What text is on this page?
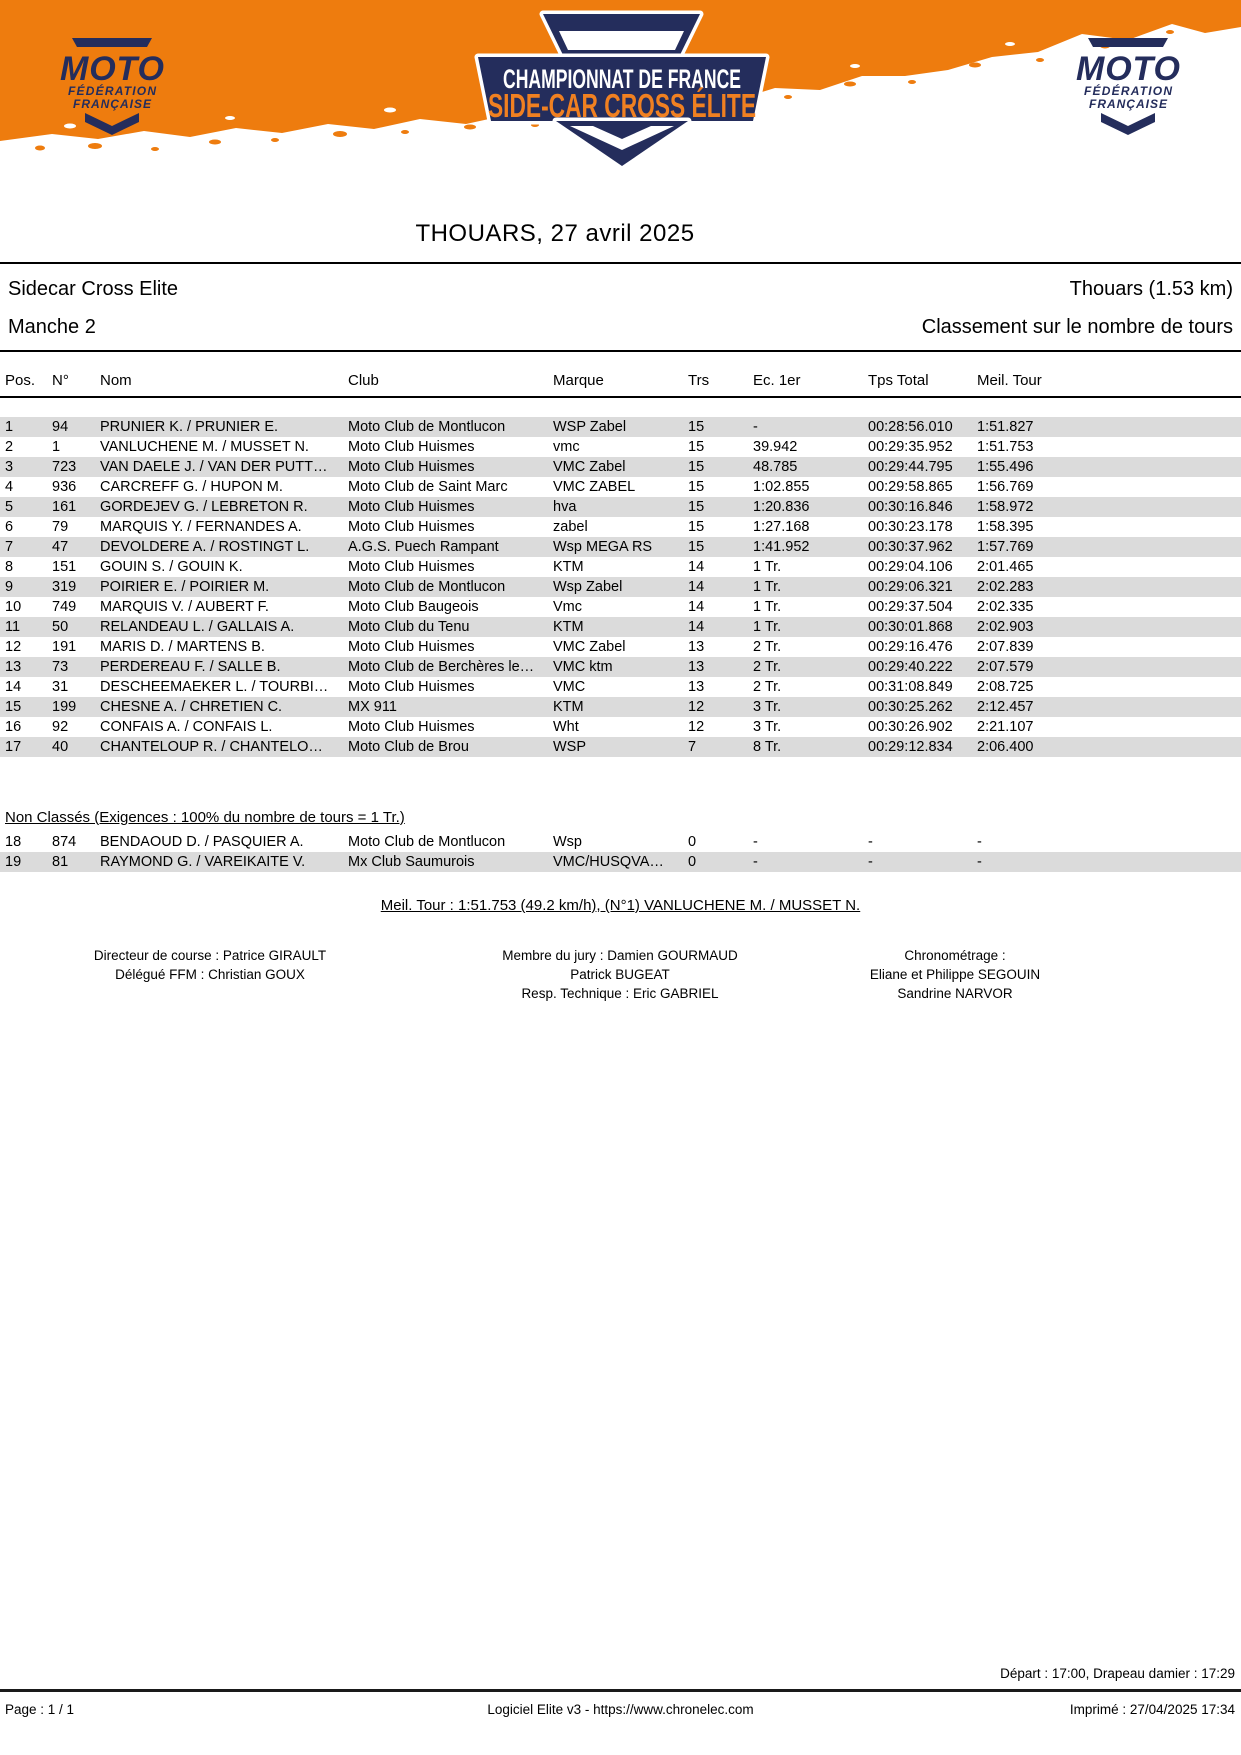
MOTO
FÉDÉRATION
FRANÇAISE
MOTO
FÉDÉRATION
FRANÇAISE
CHAMPIONNAT DE FRANCE
SIDE-CAR CROSS ÉLITE
THOUARS, 27 avril 2025
Sidecar Cross Elite	Thouars (1.53 km)
Manche 2	Classement sur le nombre de tours
Pos.	N°	Nom	Club	Marque	Trs	Ec. 1er	Tps Total	Meil. Tour
1	94	PRUNIER K. / PRUNIER E.	Moto Club de Montlucon	WSP Zabel	15	-	00:28:56.010	1:51.827
2	1	VANLUCHENE M. / MUSSET N.	Moto Club Huismes	vmc	15	39.942	00:29:35.952	1:51.753
3	723	VAN DAELE J. / VAN DER PUTT…	Moto Club Huismes	VMC Zabel	15	48.785	00:29:44.795	1:55.496
4	936	CARCREFF G. / HUPON M.	Moto Club de Saint Marc	VMC ZABEL	15	1:02.855	00:29:58.865	1:56.769
5	161	GORDEJEV G. / LEBRETON R.	Moto Club Huismes	hva	15	1:20.836	00:30:16.846	1:58.972
6	79	MARQUIS Y. / FERNANDES A.	Moto Club Huismes	zabel	15	1:27.168	00:30:23.178	1:58.395
7	47	DEVOLDERE A. / ROSTINGT L.	A.G.S. Puech Rampant	Wsp MEGA RS	15	1:41.952	00:30:37.962	1:57.769
8	151	GOUIN S. / GOUIN K.	Moto Club Huismes	KTM	14	1 Tr.	00:29:04.106	2:01.465
9	319	POIRIER E. / POIRIER M.	Moto Club de Montlucon	Wsp Zabel	14	1 Tr.	00:29:06.321	2:02.283
10	749	MARQUIS V. / AUBERT F.	Moto Club Baugeois	Vmc	14	1 Tr.	00:29:37.504	2:02.335
11	50	RELANDEAU L. / GALLAIS A.	Moto Club du Tenu	KTM	14	1 Tr.	00:30:01.868	2:02.903
12	191	MARIS D. / MARTENS B.	Moto Club Huismes	VMC Zabel	13	2 Tr.	00:29:16.476	2:07.839
13	73	PERDEREAU F. / SALLE B.	Moto Club de Berchères le…	VMC ktm	13	2 Tr.	00:29:40.222	2:07.579
14	31	DESCHEEMAEKER L. / TOURBI…	Moto Club Huismes	VMC	13	2 Tr.	00:31:08.849	2:08.725
15	199	CHESNE A. / CHRETIEN C.	MX 911	KTM	12	3 Tr.	00:30:25.262	2:12.457
16	92	CONFAIS A. / CONFAIS L.	Moto Club Huismes	Wht	12	3 Tr.	00:30:26.902	2:21.107
17	40	CHANTELOUP R. / CHANTELO…	Moto Club de Brou	WSP	7	8 Tr.	00:29:12.834	2:06.400
Non Classés (Exigences : 100% du nombre de tours = 1 Tr.)
18	874	BENDAOUD D. / PASQUIER A.	Moto Club de Montlucon	Wsp	0	-	-	-
19	81	RAYMOND G. / VAREIKAITE V.	Mx Club Saumurois	VMC/HUSQVA…	0	-	-	-
Meil. Tour : 1:51.753 (49.2 km/h), (N°1) VANLUCHENE M. / MUSSET N.
Directeur de course : Patrice GIRAULT
Délégué FFM : Christian GOUX
Membre du jury : Damien GOURMAUD
Patrick BUGEAT
Resp. Technique : Eric GABRIEL
Chronométrage :
Eliane et Philippe SEGOUIN
Sandrine NARVOR
Départ : 17:00, Drapeau damier : 17:29
Page : 1 / 1	Logiciel Elite v3 - https://www.chronelec.com	Imprimé : 27/04/2025 17:34
